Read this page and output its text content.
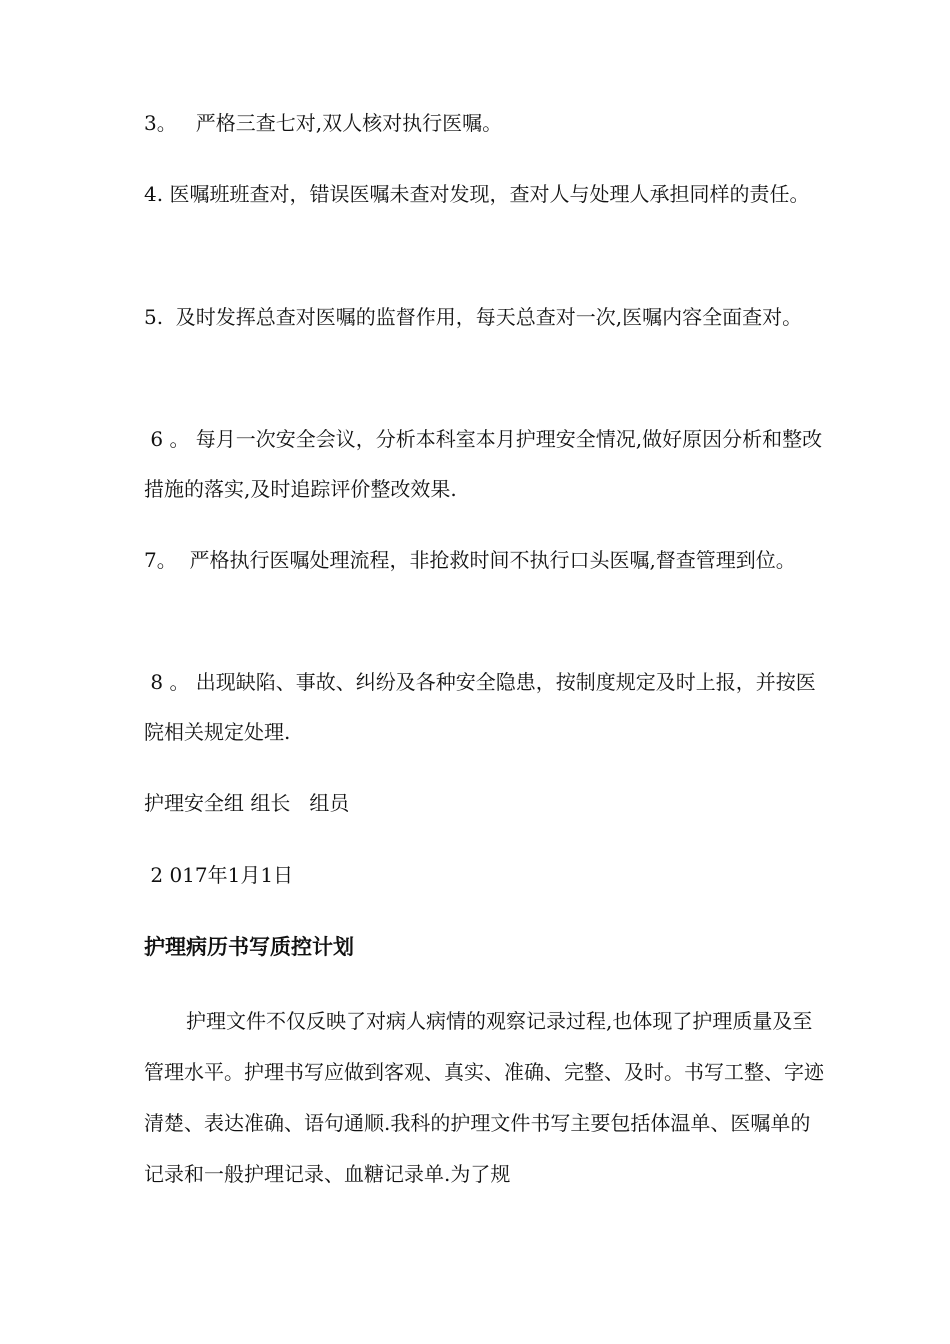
3。   严格三查七对,双人核对执行医嘱。

4. 医嘱班班查对，错误医嘱未查对发现，查对人与处理人承担同样的责任。

5.  及时发挥总查对医嘱的监督作用，每天总查对一次,医嘱内容全面查对。

6 。 每月一次安全会议，分析本科室本月护理安全情况,做好原因分析和整改措施的落实,及时追踪评价整改效果.

7。  严格执行医嘱处理流程，非抢救时间不执行口头医嘱,督查管理到位。

8 。 出现缺陷、事故、纠纷及各种安全隐患，按制度规定及时上报，并按医院相关规定处理.

护理安全组 组长   组员

2 017年1月1日

护理病历书写质控计划

护理文件不仅反映了对病人病情的观察记录过程,也体现了护理质量及至管理水平。护理书写应做到客观、真实、准确、完整、及时。书写工整、字迹清楚、表达准确、语句通顺.我科的护理文件书写主要包括体温单、医嘱单的记录和一般护理记录、血糖记录单.为了规
